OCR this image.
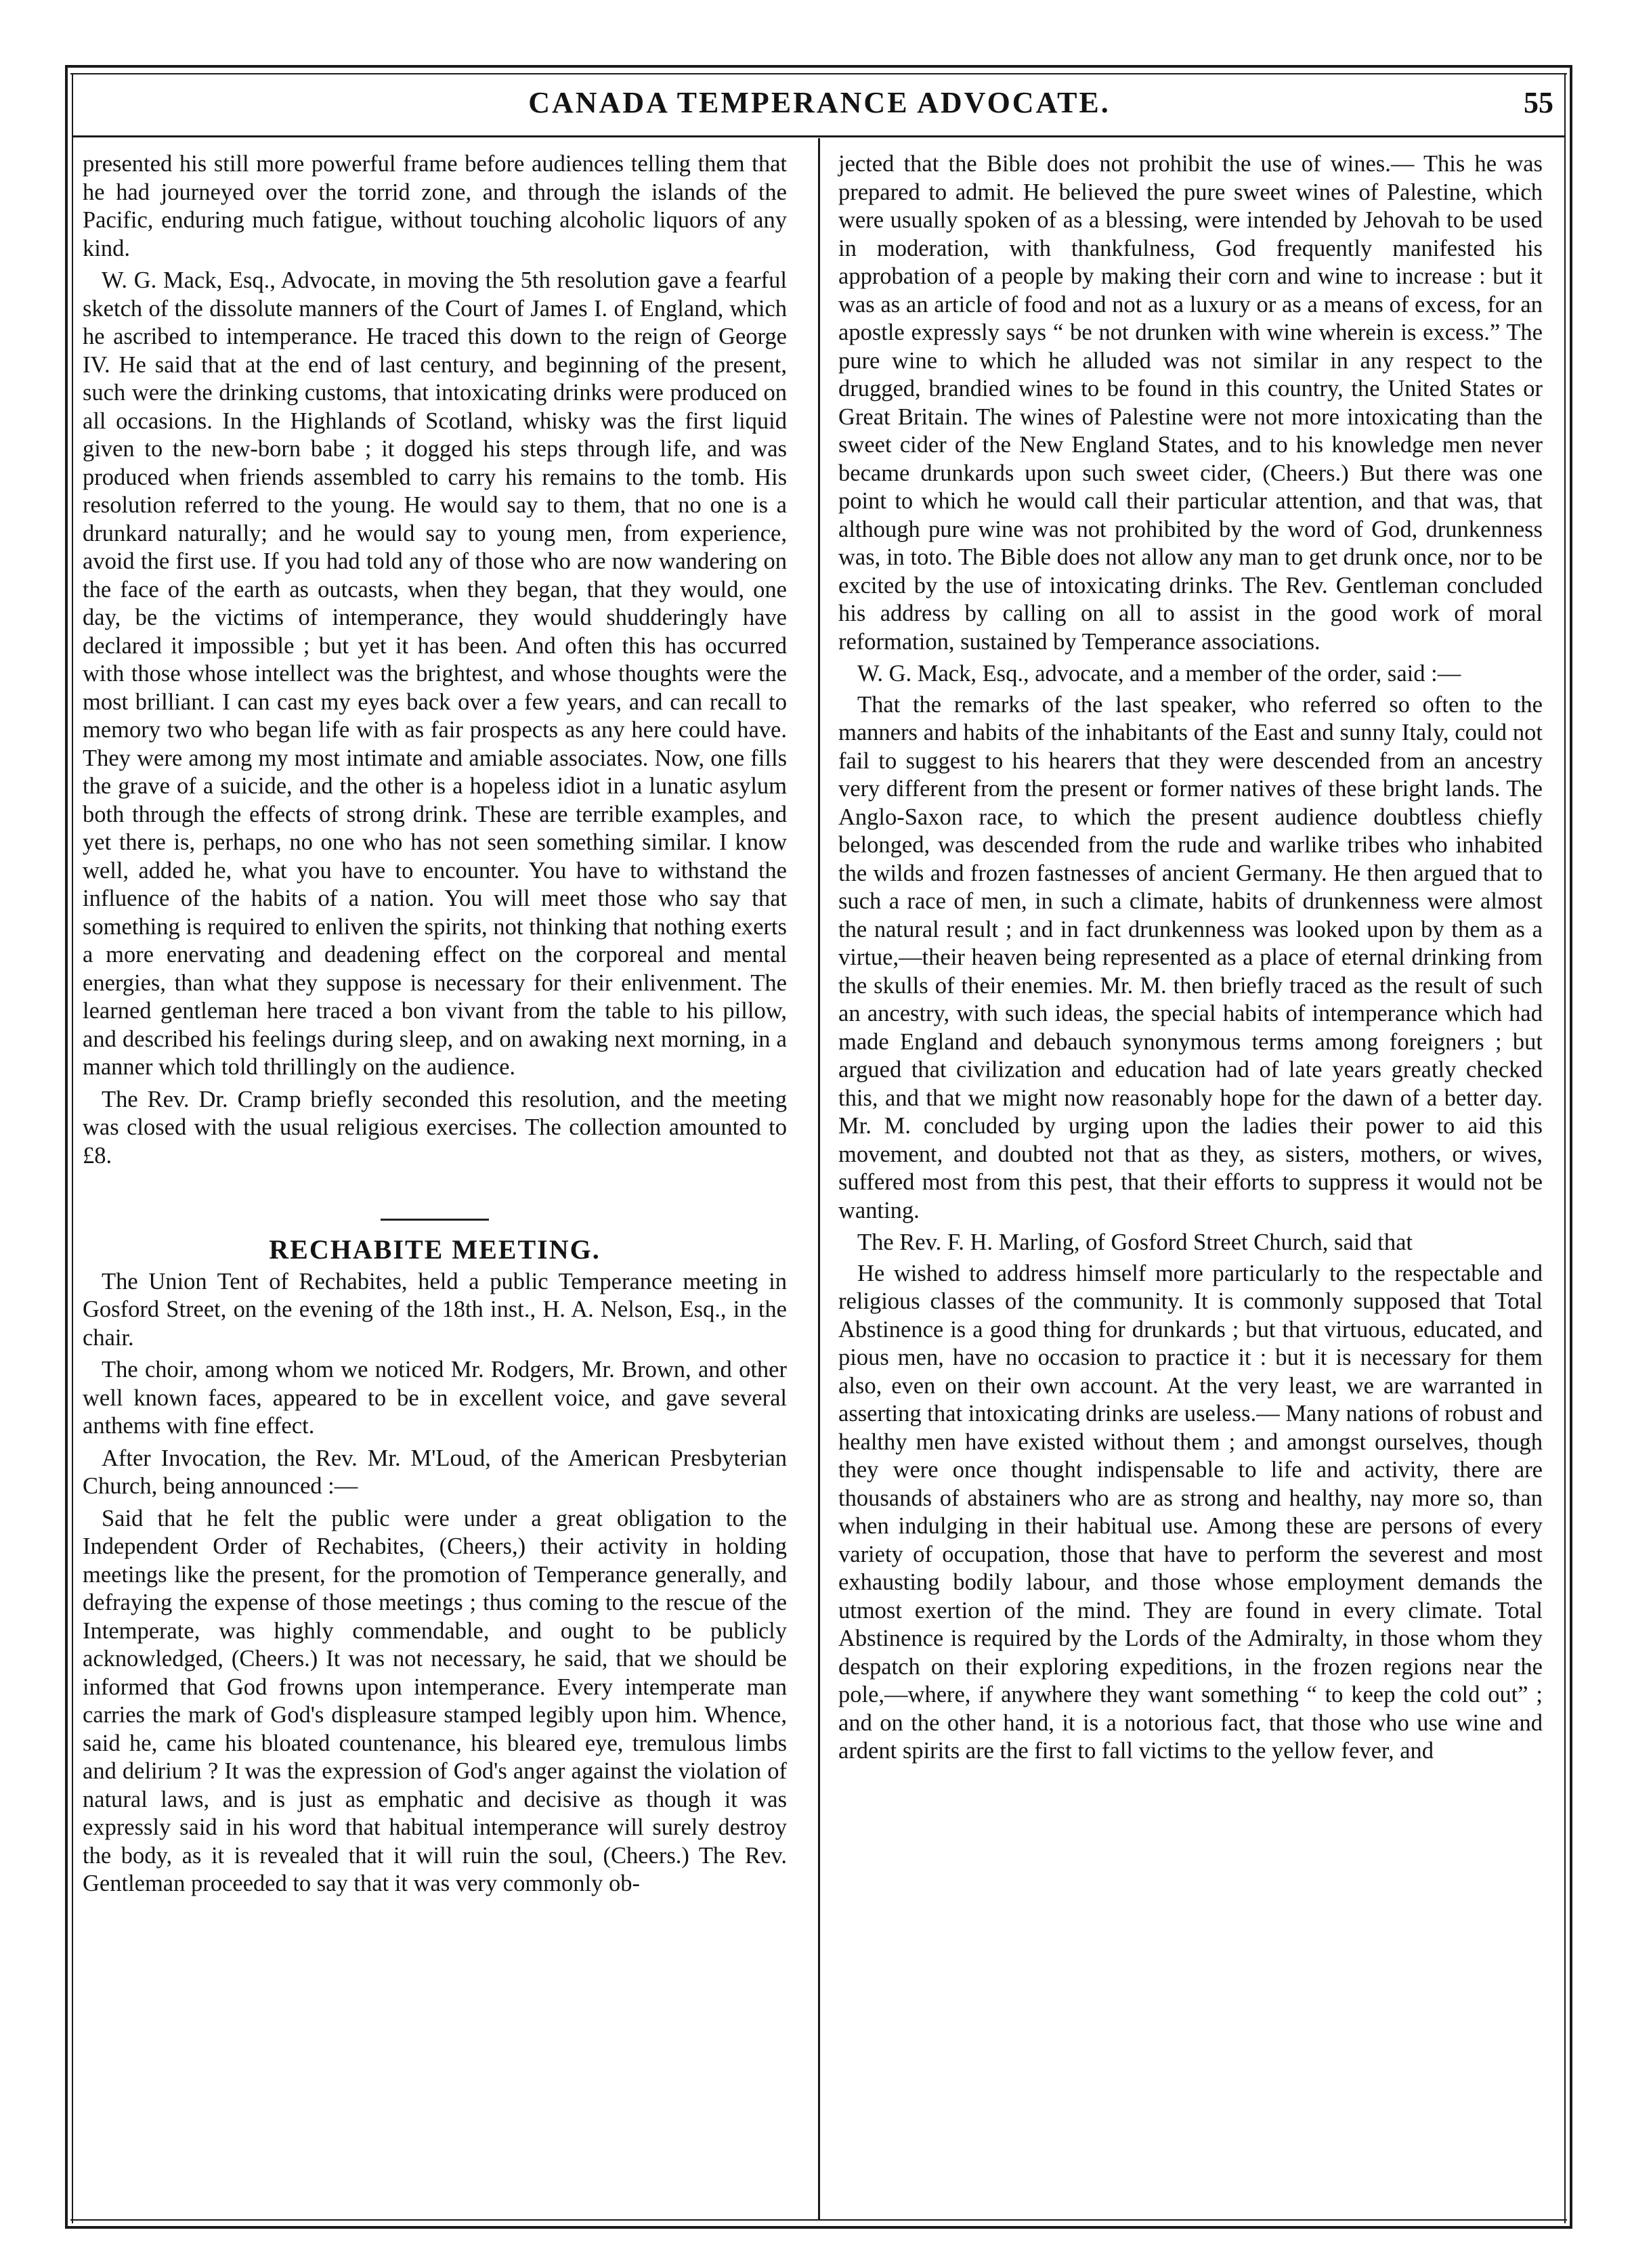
CANADA TEMPERANCE ADVOCATE.	55

presented his still more powerful frame before audiences telling them that he had journeyed over the torrid zone, and through the islands of the Pacific, enduring much fatigue, without touching alcoholic liquors of any kind.

W. G. Mack, Esq., Advocate, in moving the 5th resolution gave a fearful sketch of the dissolute manners of the Court of James I. of England, which he ascribed to intemperance. He traced this down to the reign of George IV. He said that at the end of last century, and beginning of the present, such were the drinking customs, that intoxicating drinks were produced on all occasions. In the Highlands of Scotland, whisky was the first liquid given to the new-born babe ; it dogged his steps through life, and was produced when friends assembled to carry his remains to the tomb. His resolution referred to the young. He would say to them, that no one is a drunkard naturally; and he would say to young men, from experience, avoid the first use. If you had told any of those who are now wandering on the face of the earth as outcasts, when they began, that they would, one day, be the victims of intemperance, they would shudderingly have declared it impossible ; but yet it has been. And often this has occurred with those whose intellect was the brightest, and whose thoughts were the most brilliant. I can cast my eyes back over a few years, and can recall to memory two who began life with as fair prospects as any here could have. They were among my most intimate and amiable associates. Now, one fills the grave of a suicide, and the other is a hopeless idiot in a lunatic asylum both through the effects of strong drink. These are terrible examples, and yet there is, perhaps, no one who has not seen something similar. I know well, added he, what you have to encounter. You have to withstand the influence of the habits of a nation. You will meet those who say that something is required to enliven the spirits, not thinking that nothing exerts a more enervating and deadening effect on the corporeal and mental energies, than what they suppose is necessary for their enlivenment. The learned gentleman here traced a bon vivant from the table to his pillow, and described his feelings during sleep, and on awaking next morning, in a manner which told thrillingly on the audience.

The Rev. Dr. Cramp briefly seconded this resolution, and the meeting was closed with the usual religious exercises. The collection amounted to £8.

RECHABITE MEETING.

The Union Tent of Rechabites, held a public Temperance meeting in Gosford Street, on the evening of the 18th inst., H. A. Nelson, Esq., in the chair.

The choir, among whom we noticed Mr. Rodgers, Mr. Brown, and other well known faces, appeared to be in excellent voice, and gave several anthems with fine effect.

After Invocation, the Rev. Mr. M'Loud, of the American Presbyterian Church, being announced :—

Said that he felt the public were under a great obligation to the Independent Order of Rechabites, (Cheers,) their activity in holding meetings like the present, for the promotion of Temperance generally, and defraying the expense of those meetings ; thus coming to the rescue of the Intemperate, was highly commendable, and ought to be publicly acknowledged, (Cheers.) It was not necessary, he said, that we should be informed that God frowns upon intemperance. Every intemperate man carries the mark of God's displeasure stamped legibly upon him. Whence, said he, came his bloated countenance, his bleared eye, tremulous limbs and delirium ? It was the expression of God's anger against the violation of natural laws, and is just as emphatic and decisive as though it was expressly said in his word that habitual intemperance will surely destroy the body, as it is revealed that it will ruin the soul, (Cheers.) The Rev. Gentleman proceeded to say that it was very commonly ob-

jected that the Bible does not prohibit the use of wines.— This he was prepared to admit. He believed the pure sweet wines of Palestine, which were usually spoken of as a blessing, were intended by Jehovah to be used in moderation, with thankfulness, God frequently manifested his approbation of a people by making their corn and wine to increase : but it was as an article of food and not as a luxury or as a means of excess, for an apostle expressly says “ be not drunken with wine wherein is excess.” The pure wine to which he alluded was not similar in any respect to the drugged, brandied wines to be found in this country, the United States or Great Britain. The wines of Palestine were not more intoxicating than the sweet cider of the New England States, and to his knowledge men never became drunkards upon such sweet cider, (Cheers.) But there was one point to which he would call their particular attention, and that was, that although pure wine was not prohibited by the word of God, drunkenness was, in toto. The Bible does not allow any man to get drunk once, nor to be excited by the use of intoxicating drinks. The Rev. Gentleman concluded his address by calling on all to assist in the good work of moral reformation, sustained by Temperance associations.

W. G. Mack, Esq., advocate, and a member of the order, said :—

That the remarks of the last speaker, who referred so often to the manners and habits of the inhabitants of the East and sunny Italy, could not fail to suggest to his hearers that they were descended from an ancestry very different from the present or former natives of these bright lands. The Anglo-Saxon race, to which the present audience doubtless chiefly belonged, was descended from the rude and warlike tribes who inhabited the wilds and frozen fastnesses of ancient Germany. He then argued that to such a race of men, in such a climate, habits of drunkenness were almost the natural result ; and in fact drunkenness was looked upon by them as a virtue,—their heaven being represented as a place of eternal drinking from the skulls of their enemies. Mr. M. then briefly traced as the result of such an ancestry, with such ideas, the special habits of intemperance which had made England and debauch synonymous terms among foreigners ; but argued that civilization and education had of late years greatly checked this, and that we might now reasonably hope for the dawn of a better day. Mr. M. concluded by urging upon the ladies their power to aid this movement, and doubted not that as they, as sisters, mothers, or wives, suffered most from this pest, that their efforts to suppress it would not be wanting.

The Rev. F. H. Marling, of Gosford Street Church, said that

He wished to address himself more particularly to the respectable and religious classes of the community. It is commonly supposed that Total Abstinence is a good thing for drunkards ; but that virtuous, educated, and pious men, have no occasion to practice it : but it is necessary for them also, even on their own account. At the very least, we are warranted in asserting that intoxicating drinks are useless.— Many nations of robust and healthy men have existed without them ; and amongst ourselves, though they were once thought indispensable to life and activity, there are thousands of abstainers who are as strong and healthy, nay more so, than when indulging in their habitual use. Among these are persons of every variety of occupation, those that have to perform the severest and most exhausting bodily labour, and those whose employment demands the utmost exertion of the mind. They are found in every climate. Total Abstinence is required by the Lords of the Admiralty, in those whom they despatch on their exploring expeditions, in the frozen regions near the pole,—where, if anywhere they want something “ to keep the cold out” ; and on the other hand, it is a notorious fact, that those who use wine and ardent spirits are the first to fall victims to the yellow fever, and
